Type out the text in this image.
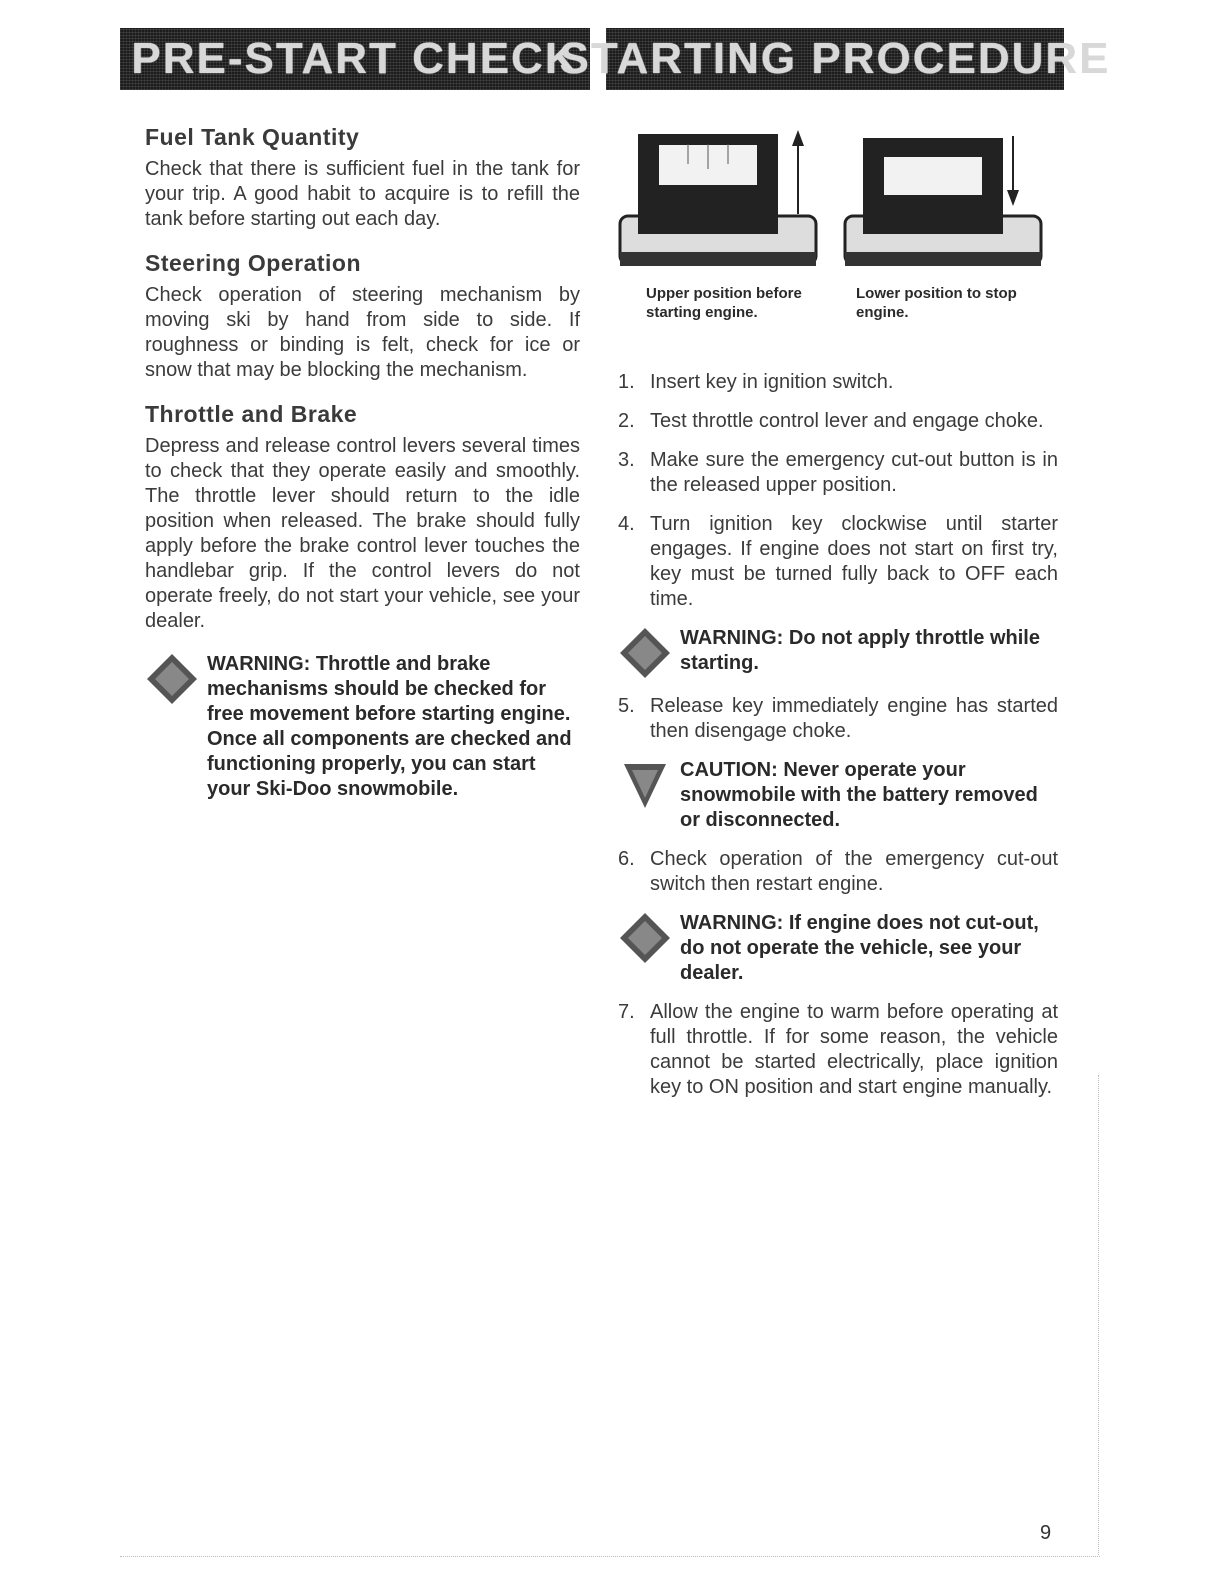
PRE-START CHECK
STARTING PROCEDURE
Fuel Tank Quantity

Check that there is sufficient fuel in the tank for your trip. A good habit to acquire is to refill the tank before starting out each day.

Steering Operation

Check operation of steering mechanism by moving ski by hand from side to side. If roughness or binding is felt, check for ice or snow that may be blocking the mechanism.

Throttle and Brake

Depress and release control levers several times to check that they operate easily and smoothly. The throttle lever should return to the idle position when released. The brake should fully apply before the brake control lever touches the handlebar grip. If the control levers do not operate freely, do not start your vehicle, see your dealer.

WARNING: Throttle and brake mechanisms should be checked for free movement before starting engine. Once all components are checked and functioning properly, you can start your Ski-Doo snowmobile.
Upper position before starting engine.
Lower position to stop engine.
1. Insert key in ignition switch.
2. Test throttle control lever and engage choke.
3. Make sure the emergency cut-out button is in the released upper position.
4. Turn ignition key clockwise until starter engages. If engine does not start on first try, key must be turned fully back to OFF each time.
WARNING: Do not apply throttle while starting.
5. Release key immediately engine has started then disengage choke.
CAUTION: Never operate your snowmobile with the battery removed or disconnected.
6. Check operation of the emergency cut-out switch then restart engine.
WARNING: If engine does not cut-out, do not operate the vehicle, see your dealer.
7. Allow the engine to warm before operating at full throttle. If for some reason, the vehicle cannot be started electrically, place ignition key to ON position and start engine manually.
9
